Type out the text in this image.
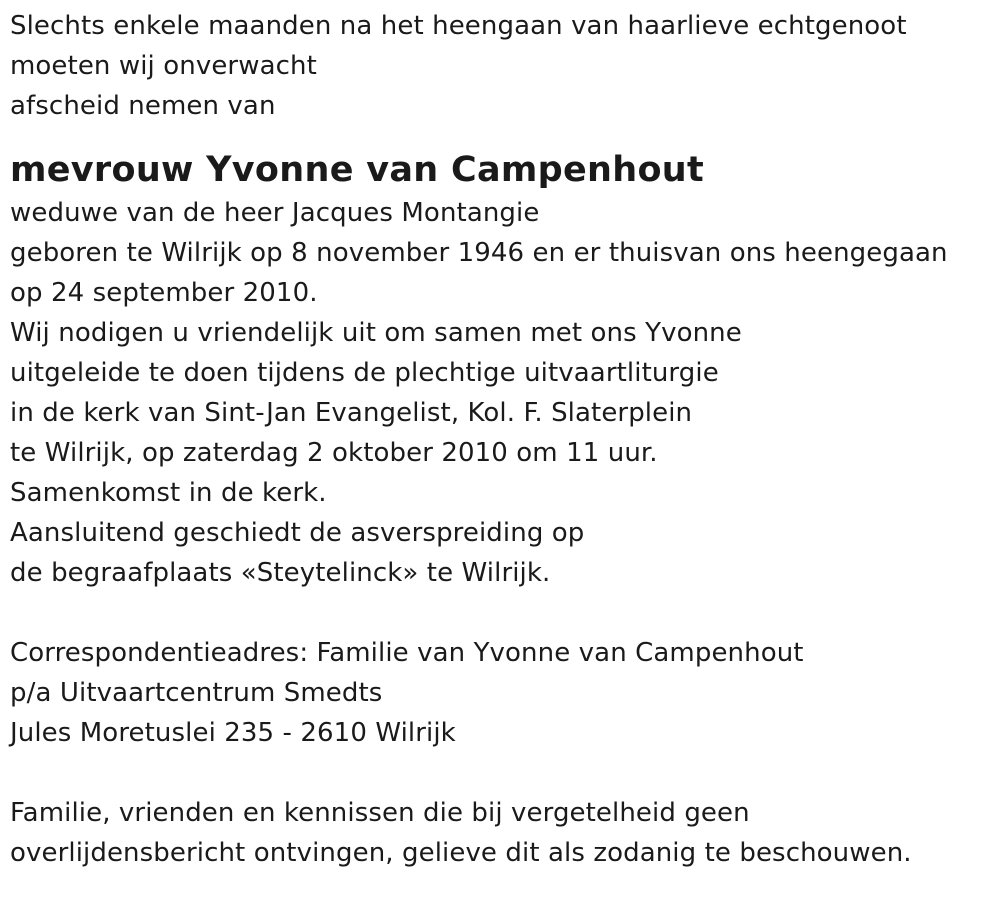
Slechts enkele maanden na het heengaan van haarlieve echtgenoot
moeten wij onverwacht
afscheid nemen van
mevrouw Yvonne van Campenhout
weduwe van de heer Jacques Montangie
geboren te Wilrijk op 8 november 1946 en er thuisvan ons heengegaan
op 24 september 2010.
Wij nodigen u vriendelijk uit om samen met ons Yvonne
uitgeleide te doen tijdens de plechtige uitvaartliturgie
in de kerk van Sint-Jan Evangelist, Kol. F. Slaterplein
te Wilrijk, op zaterdag 2 oktober 2010 om 11 uur.
Samenkomst in de kerk.
Aansluitend geschiedt de asverspreiding op
de begraafplaats «Steytelinck» te Wilrijk.
Correspondentieadres: Familie van Yvonne van Campenhout
p/a Uitvaartcentrum Smedts
Jules Moretuslei 235 - 2610 Wilrijk
Familie, vrienden en kennissen die bij vergetelheid geen
overlijdensbericht ontvingen, gelieve dit als zodanig te beschouwen.
